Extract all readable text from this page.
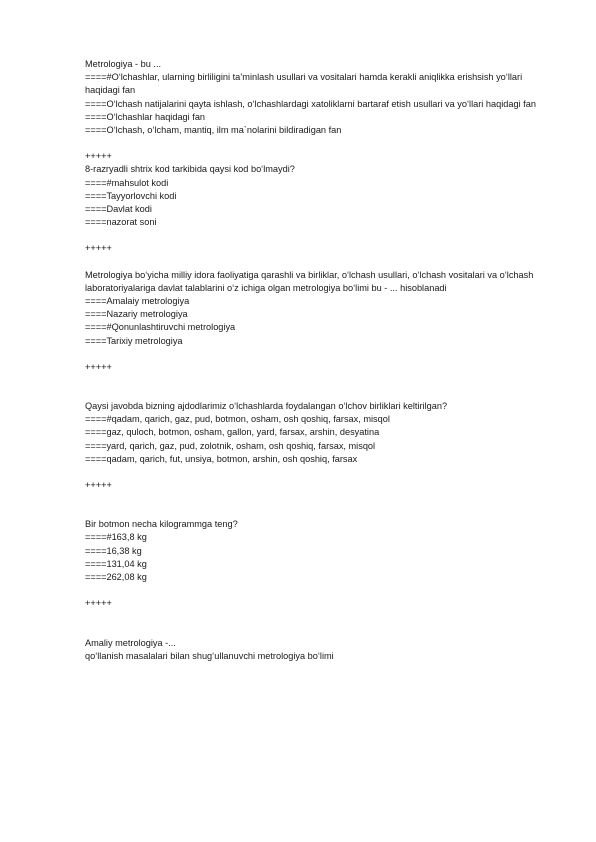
Metrologiya - bu ...
====#O‘lchashlar, ularning birliligini ta’minlash usullari va vositalari hamda kerakli aniqlikka erishsish yo‘llari haqidagi fan
====O‘lchash natijalarini qayta ishlash, o‘lchashlardagi xatoliklarni bartaraf etish usullari va yo‘llari haqidagi fan
====O‘lchashlar haqidagi fan
====O‘lchash, o‘lcham, mantiq, ilm ma`nolarini bildiradigan fan
+++++
8-razryadli shtrix kod tarkibida qaysi kod bo‘lmaydi?
====#mahsulot kodi
====Tayyorlovchi kodi
====Davlat kodi
====nazorat soni
+++++
Metrologiya bo‘yicha milliy idora faoliyatiga qarashli va birliklar, o‘lchash usullari, o‘lchash vositalari va o‘lchash laboratoriyalariga davlat talablarini o‘z ichiga olgan metrologiya bo‘limi bu - ... hisoblanadi
====Amalaiy metrologiya
====Nazariy metrologiya
====#Qonunlashtiruvchi metrologiya
====Tarixiy metrologiya
+++++
Qaysi javobda bizning ajdodlarimiz o‘lchashlarda foydalangan o‘lchov birliklari keltirilgan?
====#qadam, qarich, gaz, pud, botmon, osham, osh qoshiq, farsax, misqol
====gaz, quloch, botmon, osham, gallon, yard, farsax, arshin, desyatina
====yard, qarich, gaz, pud, zolotnik, osham, osh qoshiq, farsax, misqol
====qadam, qarich, fut, unsiya, botmon, arshin, osh qoshiq, farsax
+++++
Bir botmon necha kilogrammga teng?
====#163,8 kg
====16,38 kg
====131,04 kg
====262,08 kg
+++++
Amaliy metrologiya -...
qo‘llanish masalalari bilan shug‘ullanuvchi metrologiya bo‘limi
